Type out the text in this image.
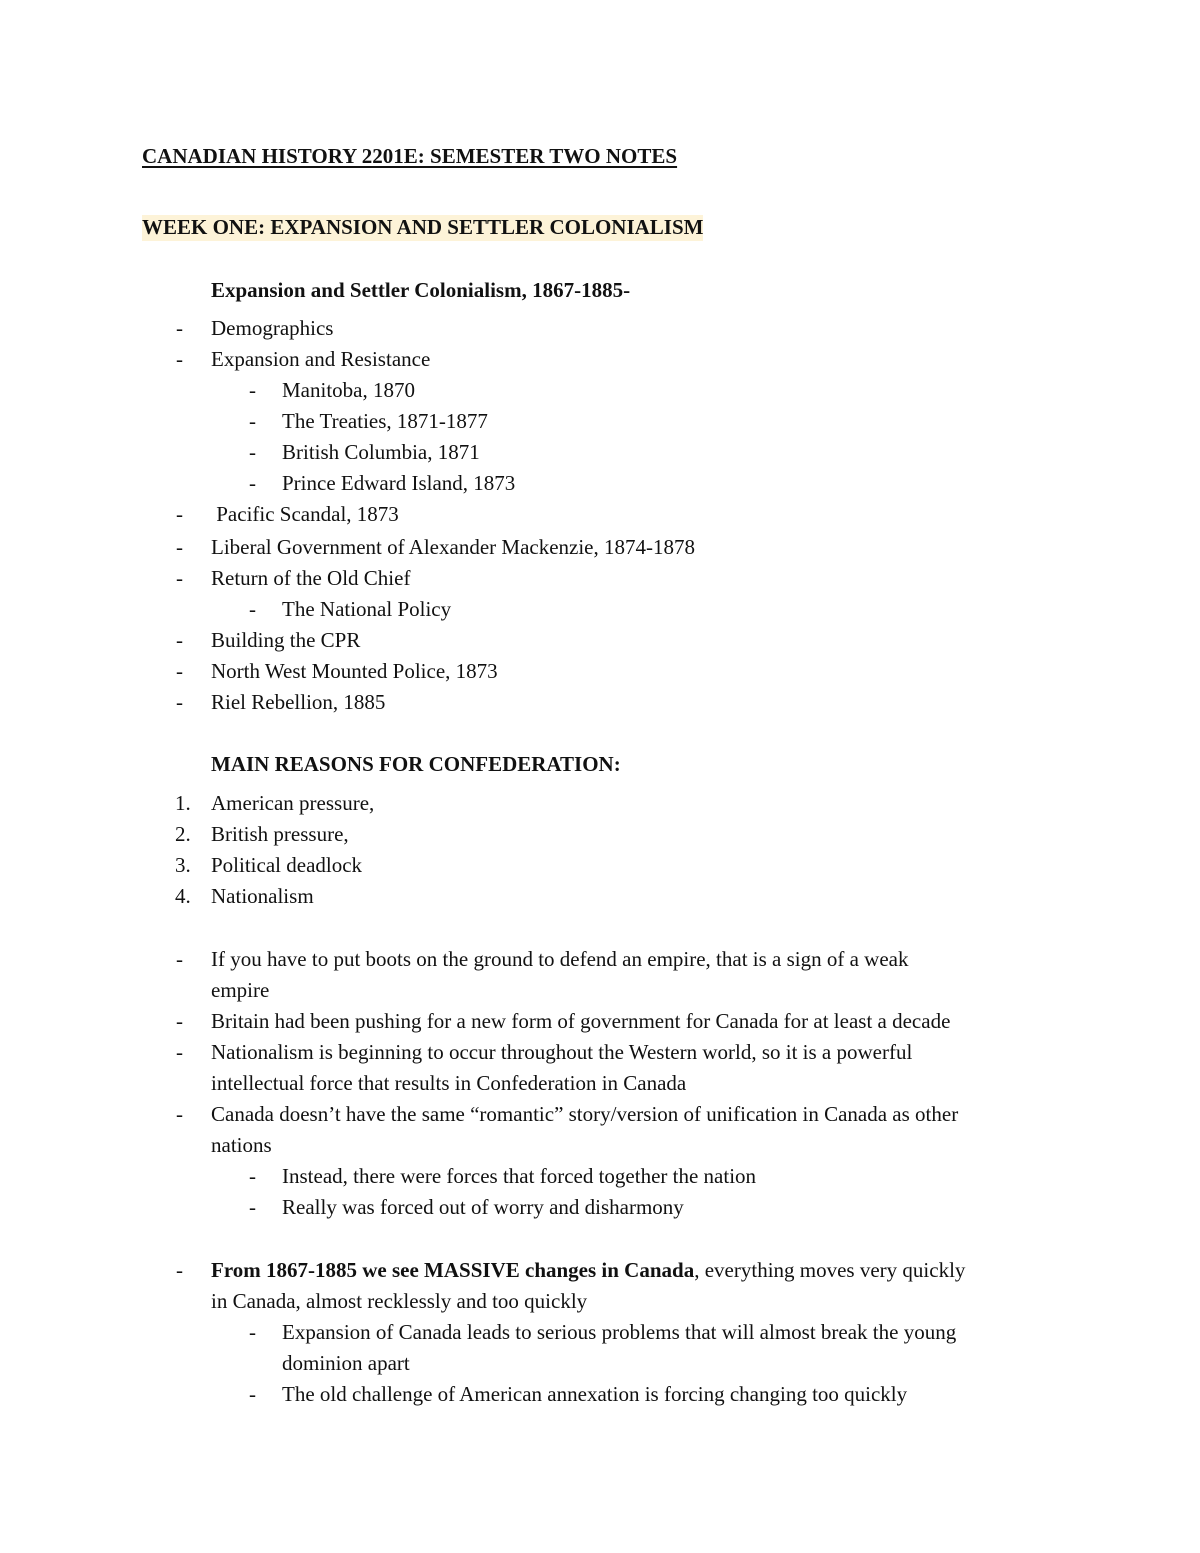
CANADIAN HISTORY 2201E: SEMESTER TWO NOTES
WEEK ONE: EXPANSION AND SETTLER COLONIALISM
Expansion and Settler Colonialism, 1867-1885-
- Demographics
- Expansion and Resistance
- Manitoba, 1870
- The Treaties, 1871-1877
- British Columbia, 1871
- Prince Edward Island, 1873
- Pacific Scandal, 1873
- Liberal Government of Alexander Mackenzie, 1874-1878
- Return of the Old Chief
- The National Policy
- Building the CPR
- North West Mounted Police, 1873
- Riel Rebellion, 1885
MAIN REASONS FOR CONFEDERATION:
1. American pressure,
2. British pressure,
3. Political deadlock
4. Nationalism
- If you have to put boots on the ground to defend an empire, that is a sign of a weak
empire
- Britain had been pushing for a new form of government for Canada for at least a decade
- Nationalism is beginning to occur throughout the Western world, so it is a powerful
intellectual force that results in Confederation in Canada
- Canada doesn’t have the same “romantic” story/version of unification in Canada as other
nations
- Instead, there were forces that forced together the nation
- Really was forced out of worry and disharmony
- From 1867-1885 we see MASSIVE changes in Canada, everything moves very quickly
in Canada, almost recklessly and too quickly
- Expansion of Canada leads to serious problems that will almost break the young
dominion apart
- The old challenge of American annexation is forcing changing too quickly
